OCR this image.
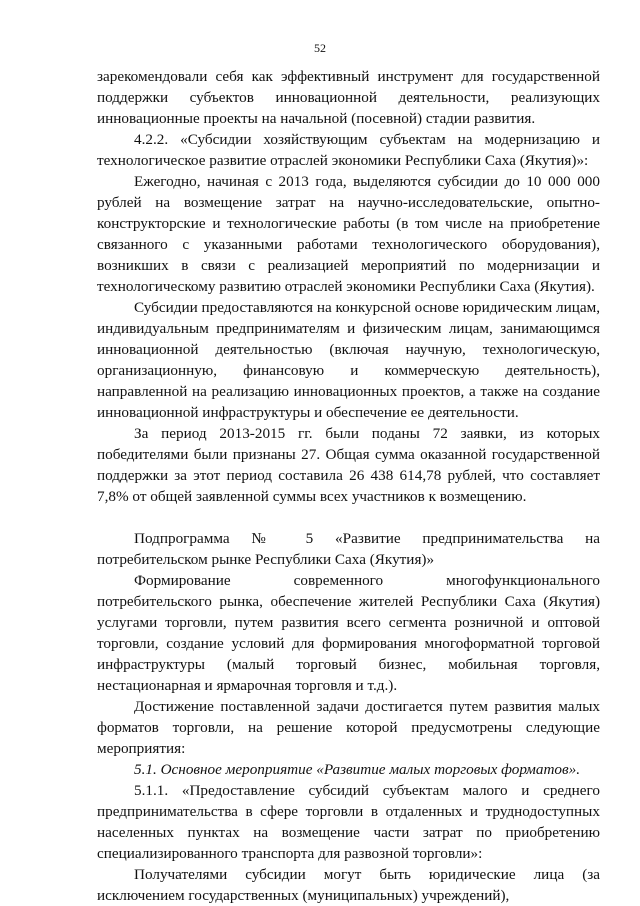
52

зарекомендовали себя как эффективный инструмент для государственной поддержки субъектов инновационной деятельности, реализующих инновационные проекты на начальной (посевной) стадии развития.

4.2.2. «Субсидии хозяйствующим субъектам на модернизацию и технологическое развитие отраслей экономики Республики Саха (Якутия)»:

Ежегодно, начиная с 2013 года, выделяются субсидии до 10 000 000 рублей на возмещение затрат на научно-исследовательские, опытно-конструкторские и технологические работы (в том числе на приобретение связанного с указанными работами технологического оборудования), возникших в связи с реализацией мероприятий по модернизации и технологическому развитию отраслей экономики Республики Саха (Якутия).

Субсидии предоставляются на конкурсной основе юридическим лицам, индивидуальным предпринимателям и физическим лицам, занимающимся инновационной деятельностью (включая научную, технологическую, организационную, финансовую и коммерческую деятельность), направленной на реализацию инновационных проектов, а также на создание инновационной инфраструктуры и обеспечение ее деятельности.

За период 2013-2015 гг. были поданы 72 заявки, из которых победителями были признаны 27. Общая сумма оказанной государственной поддержки за этот период составила 26 438 614,78 рублей, что составляет 7,8% от общей заявленной суммы всех участников к возмещению.

Подпрограмма № 5 «Развитие предпринимательства на потребительском рынке Республики Саха (Якутия)»

Формирование современного многофункционального потребительского рынка, обеспечение жителей Республики Саха (Якутия) услугами торговли, путем развития всего сегмента розничной и оптовой торговли, создание условий для формирования многоформатной торговой инфраструктуры (малый торговый бизнес, мобильная торговля, нестационарная и ярмарочная торговля и т.д.).

Достижение поставленной задачи достигается путем развития малых форматов торговли, на решение которой предусмотрены следующие мероприятия:

5.1. Основное мероприятие «Развитие малых торговых форматов».

5.1.1. «Предоставление субсидий субъектам малого и среднего предпринимательства в сфере торговли в отдаленных и труднодоступных населенных пунктах на возмещение части затрат по приобретению специализированного транспорта для развозной торговли»:

Получателями субсидии могут быть юридические лица (за исключением государственных (муниципальных) учреждений),
